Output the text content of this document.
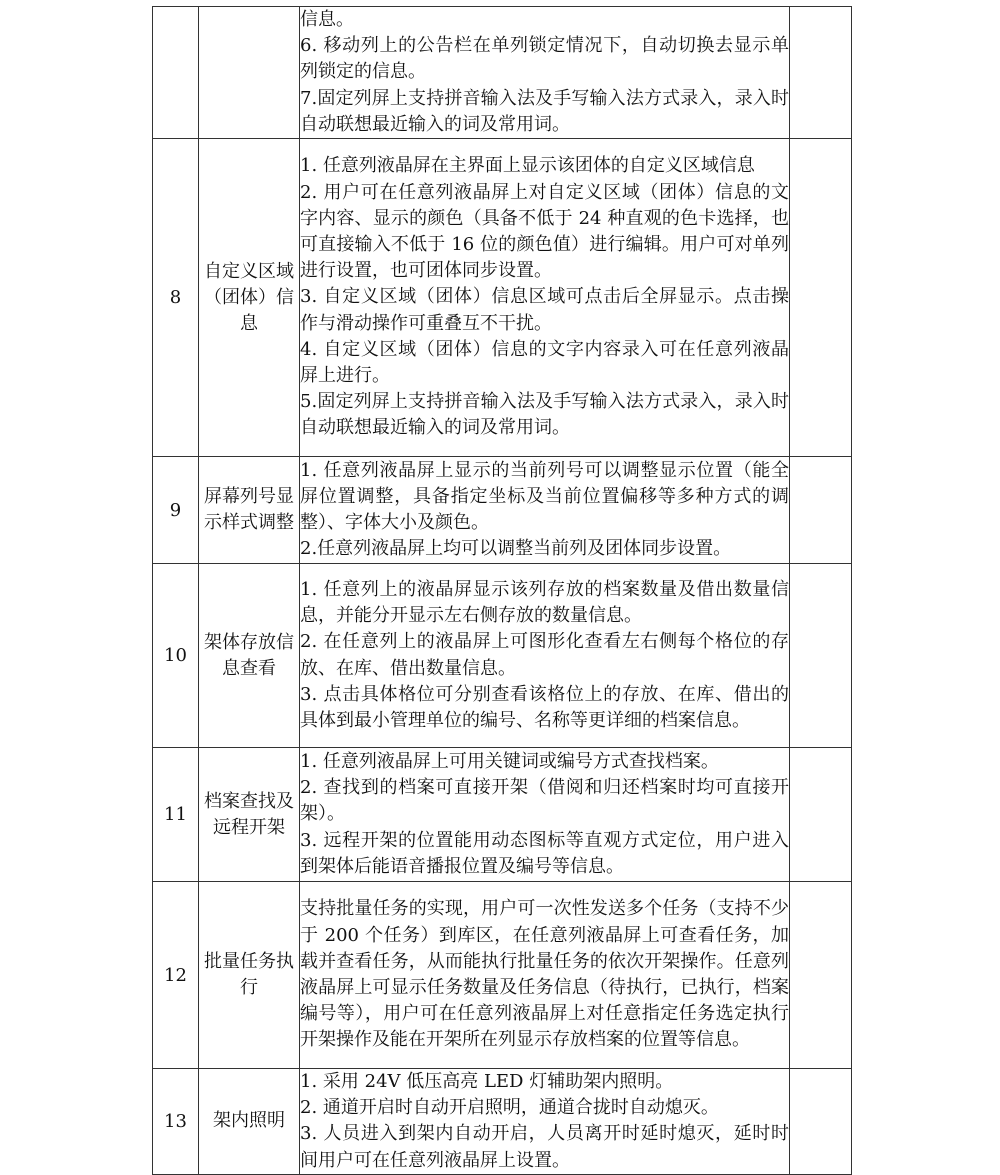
		信息。
6. 移动列上的公告栏在单列锁定情况下，自动切换去显示单列锁定的信息。
7.固定列屏上支持拼音输入法及手写输入法方式录入，录入时自动联想最近输入的词及常用词。	

8	自定义区域（团体）信息	1. 任意列液晶屏在主界面上显示该团体的自定义区域信息
2. 用户可在任意列液晶屏上对自定义区域（团体）信息的文字内容、显示的颜色（具备不低于 24 种直观的色卡选择，也可直接输入不低于 16 位的颜色值）进行编辑。用户可对单列进行设置，也可团体同步设置。
3. 自定义区域（团体）信息区域可点击后全屏显示。点击操作与滑动操作可重叠互不干扰。
4. 自定义区域（团体）信息的文字内容录入可在任意列液晶屏上进行。
5.固定列屏上支持拼音输入法及手写输入法方式录入，录入时自动联想最近输入的词及常用词。	

9	屏幕列号显示样式调整	1. 任意列液晶屏上显示的当前列号可以调整显示位置（能全屏位置调整，具备指定坐标及当前位置偏移等多种方式的调整）、字体大小及颜色。
2.任意列液晶屏上均可以调整当前列及团体同步设置。	

10	架体存放信息查看	1. 任意列上的液晶屏显示该列存放的档案数量及借出数量信息，并能分开显示左右侧存放的数量信息。
2. 在任意列上的液晶屏上可图形化查看左右侧每个格位的存放、在库、借出数量信息。
3. 点击具体格位可分别查看该格位上的存放、在库、借出的具体到最小管理单位的编号、名称等更详细的档案信息。	

11	档案查找及远程开架	1. 任意列液晶屏上可用关键词或编号方式查找档案。
2. 查找到的档案可直接开架（借阅和归还档案时均可直接开架）。
3. 远程开架的位置能用动态图标等直观方式定位，用户进入到架体后能语音播报位置及编号等信息。	

12	批量任务执行	支持批量任务的实现，用户可一次性发送多个任务（支持不少于 200 个任务）到库区，在任意列液晶屏上可查看任务，加载并查看任务，从而能执行批量任务的依次开架操作。任意列液晶屏上可显示任务数量及任务信息（待执行，已执行，档案编号等），用户可在任意列液晶屏上对任意指定任务选定执行开架操作及能在开架所在列显示存放档案的位置等信息。	

13	架内照明	1. 采用 24V 低压高亮 LED 灯辅助架内照明。
2. 通道开启时自动开启照明，通道合拢时自动熄灭。
3. 人员进入到架内自动开启，人员离开时延时熄灭，延时时间用户可在任意列液晶屏上设置。	
